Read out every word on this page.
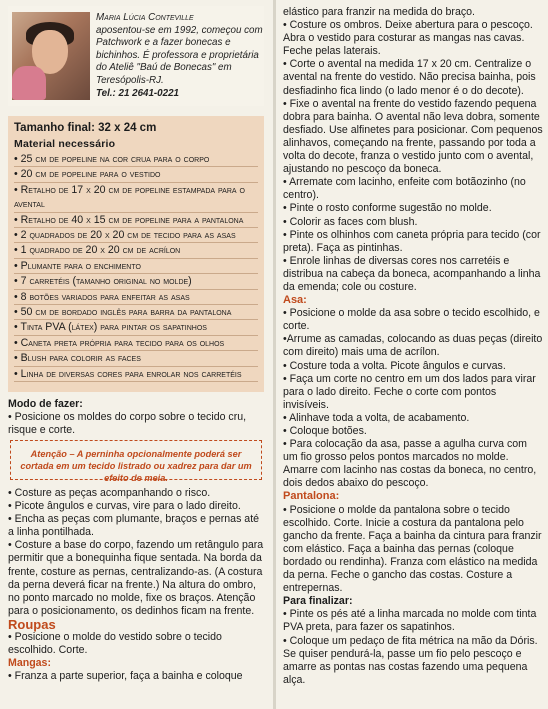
Maria Lúcia Conteville
aposentou-se em 1992, começou com
Patchwork e a fazer bonecas e
bichinhos. É professora e proprietária
do Ateliê "Baú de Bonecas" em
Teresópolis-RJ.
Tel.: 21 2641-0221
Tamanho final: 32 x 24 cm
Material necessário
• 25 cm de popeline na cor crua para o corpo
• 20 cm de popeline para o vestido
• Retalho de 17 x 20 cm de popeline estampada para o avental
• Retalho de 40 x 15 cm de popeline para a pantalona
• 2 quadrados de 20 x 20 cm de tecido para as asas
• 1 quadrado de 20 x 20 cm de acrílon
• Plumante para o enchimento
• 7 carretéis (tamanho original no molde)
• 8 botões variados para enfeitar as asas
• 50 cm de bordado inglês para barra da pantalona
• Tinta PVA (látex) para pintar os sapatinhos
• Caneta preta própria para tecido para os olhos
• Blush para colorir as faces
• Linha de diversas cores para enrolar nos carretéis
Modo de fazer:
• Posicione os moldes do corpo sobre o tecido cru, risque e corte.
Atenção – A perninha opcionalmente poderá ser cortada em um tecido listrado ou xadrez para dar um efeito de meia.

• Costure as peças acompanhando o risco.

• Picote ângulos e curvas, vire para o lado direito.

• Encha as peças com plumante, braços e pernas até a linha pontilhada.

• Costure a base do corpo, fazendo um retângulo para permitir que a bonequinha fique sentada. Na borda da frente, costure as pernas, centralizando-as. (A costura da perna deverá ficar na frente.) Na altura do ombro, no ponto marcado no molde, fixe os braços. Atenção para o posicionamento, os dedinhos ficam na frente.

Roupas

• Posicione o molde do vestido sobre o tecido escolhido. Corte.

Mangas:

• Franza a parte superior, faça a bainha e coloque

elástico para franzir na medida do braço.

• Costure os ombros. Deixe abertura para o pescoço. Abra o vestido para costurar as mangas nas cavas. Feche pelas laterais.

• Corte o avental na medida 17 x 20 cm. Centralize o avental na frente do vestido. Não precisa bainha, pois desfiadinho fica lindo (o lado menor é o do decote).

• Fixe o avental na frente do vestido fazendo pequena dobra para bainha. O avental não leva dobra, somente desfiado. Use alfinetes para posicionar. Com pequenos alinhavos, começando na frente, passando por toda a volta do decote, franza o vestido junto com o avental, ajustando no pescoço da boneca.

• Arremate com lacinho, enfeite com botãozinho (no centro).

• Pinte o rosto conforme sugestão no molde.

• Colorir as faces com blush.

• Pinte os olhinhos com caneta própria para tecido (cor preta). Faça as pintinhas.

• Enrole linhas de diversas cores nos carretéis e distribua na cabeça da boneca, acompanhando a linha da emenda; cole ou costure.

Asa:

• Posicione o molde da asa sobre o tecido escolhido, e corte.

•Arrume as camadas, colocando as duas peças (direito com direito) mais uma de acrílon.

• Costure toda a volta. Picote ângulos e curvas.

• Faça um corte no centro em um dos lados para virar para o lado direito. Feche o corte com pontos invisíveis.

• Alinhave toda a volta, de acabamento.

• Coloque botões.

• Para colocação da asa, passe a agulha curva com um fio grosso pelos pontos marcados no molde. Amarre com lacinho nas costas da boneca, no centro, dois dedos abaixo do pescoço.

Pantalona:

• Posicione o molde da pantalona sobre o tecido escolhido. Corte. Inicie a costura da pantalona pelo gancho da frente. Faça a bainha da cintura para franzir com elástico. Faça a bainha das pernas (coloque bordado ou rendinha). Franza com elástico na medida da perna. Feche o gancho das costas. Costure a entrepernas.

Para finalizar:

• Pinte os pés até a linha marcada no molde com tinta PVA preta, para fazer os sapatinhos.

• Coloque um pedaço de fita métrica na mão da Dóris. Se quiser pendurá-la, passe um fio pelo pescoço e amarre as pontas nas costas fazendo uma pequena alça.
